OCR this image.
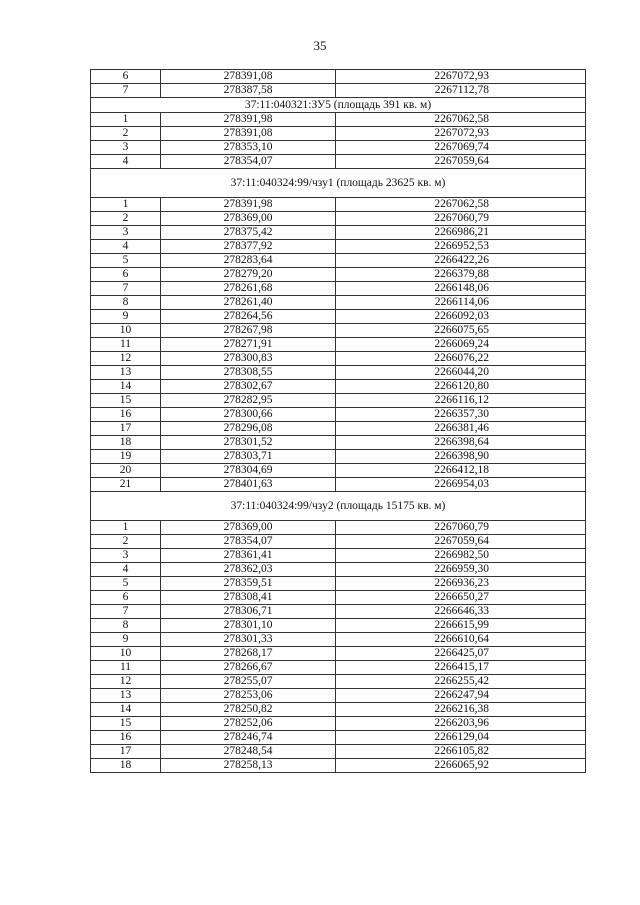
35
6	278391,08	2267072,93
7	278387,58	2267112,78
37:11:040321:ЗУ5 (площадь 391 кв. м)		
1	278391,98	2267062,58
2	278391,08	2267072,93
3	278353,10	2267069,74
4	278354,07	2267059,64
37:11:040324:99/чзу1 (площадь 23625 кв. м)		
1	278391,98	2267062,58
2	278369,00	2267060,79
3	278375,42	2266986,21
4	278377,92	2266952,53
5	278283,64	2266422,26
6	278279,20	2266379,88
7	278261,68	2266148,06
8	278261,40	2266114,06
9	278264,56	2266092,03
10	278267,98	2266075,65
11	278271,91	2266069,24
12	278300,83	2266076,22
13	278308,55	2266044,20
14	278302,67	2266120,80
15	278282,95	2266116,12
16	278300,66	2266357,30
17	278296,08	2266381,46
18	278301,52	2266398,64
19	278303,71	2266398,90
20	278304,69	2266412,18
21	278401,63	2266954,03
37:11:040324:99/чзу2 (площадь 15175 кв. м)		
1	278369,00	2267060,79
2	278354,07	2267059,64
3	278361,41	2266982,50
4	278362,03	2266959,30
5	278359,51	2266936,23
6	278308,41	2266650,27
7	278306,71	2266646,33
8	278301,10	2266615,99
9	278301,33	2266610,64
10	278268,17	2266425,07
11	278266,67	2266415,17
12	278255,07	2266255,42
13	278253,06	2266247,94
14	278250,82	2266216,38
15	278252,06	2266203,96
16	278246,74	2266129,04
17	278248,54	2266105,82
18	278258,13	2266065,92
